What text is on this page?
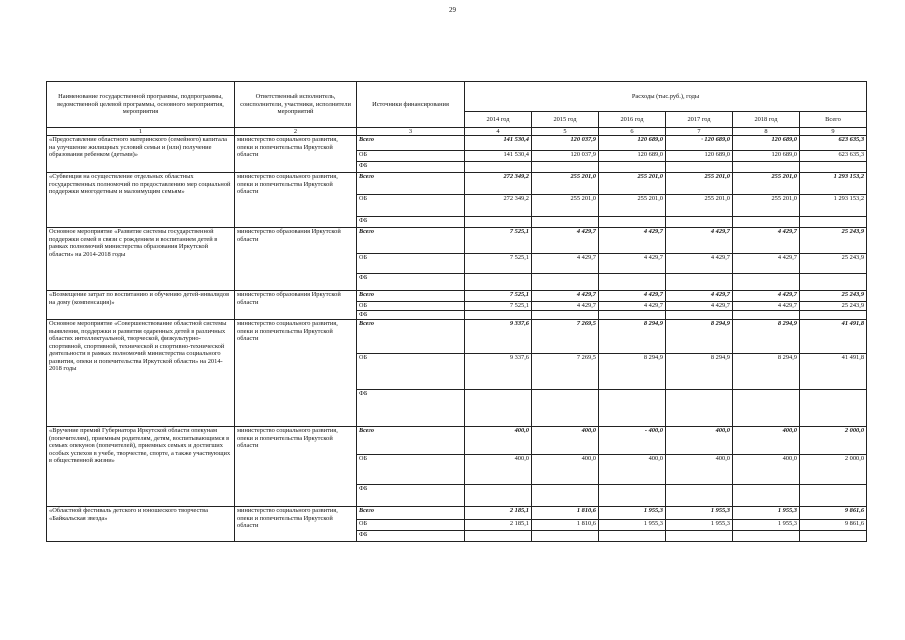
29
Наименование государственной программы, подпрограммы, ведомственной целевой программы, основного мероприятия, мероприятия	Ответственный исполнитель, соисполнители, участники, исполнители мероприятий	Источники финансирования	Расходы (тыс.руб.), годы					
			2014 год	2015 год	2016 год	2017 год	2018 год	Всего
1	2	3	4	5	6	7	8	9
«Предоставление областного материнского (семейного) капитала на улучшение жилищных условий семьи и (или) получение образования ребенком (детьми)»	министерство социального развития, опеки и попечительства Иркутской области	Всего	141 530,4	120 037,9	120 689,0	· 120 689,0	120 689,0	623 635,3
		ОБ	141 530,4	120 037,9	120 689,0	120 689,0	120 689,0	623 635,3
		ФБ						
«Субвенция на осуществление отдельных областных государственных полномочий по предоставлению мер социальной поддержки многодетным и малоимущим семьям»	министерство социального развития, опеки и попечительства Иркутской области	Всего	272 349,2	255 201,0	255 201,0	255 201,0	255 201,0	1 293 153,2
		ОБ	272 349,2	255 201,0	255 201,0	255 201,0	255 201,0	1 293 153,2
		ФБ						
Основное мероприятие «Развитие системы государственной поддержки семей в связи с рождением и воспитанием детей в рамках полномочий министерства образования Иркутской области» на 2014-2018 годы	министерство образования Иркутской области	Всего	7 525,1	4 429,7	4 429,7	4 429,7	4 429,7	25 243,9
		ОБ	7 525,1	4 429,7	4 429,7	4 429,7	4 429,7	25 243,9
		ФБ						
«Возмещение затрат по воспитанию и обучению детей-инвалидов на дому (компенсация)»	министерство образования Иркутской области	Всего	7 525,1	4 429,7	4 429,7	4 429,7	4 429,7	25 243,9
		ОБ	7 525,1	4 429,7	4 429,7	4 429,7	4 429,7	25 243,9
		ФБ						
Основное мероприятие «Совершенствование областной системы выявления, поддержки и развития одаренных детей в различных областях интеллектуальной, творческой, физкультурно-спортивной, спортивной, технической и спортивно-технической деятельности в рамках полномочий министерства социального развития, опеки и попечительства Иркутской области» на 2014-2018 годы	министерство социального развития, опеки и попечительства Иркутской области	Всего	9 337,6	7 269,5	8 294,9	8 294,9	8 294,9	41 491,8
		ОБ	9 337,6	7 269,5	8 294,9	8 294,9	8 294,9	41 491,8
		ФБ						
«Вручение премий Губернатора Иркутской области опекунам (попечителям), приемным родителям, детям, воспитывающимся в семьях опекунов (попечителей), приемных семьях и достигших особых успехов в учебе, творчестве, спорте, а также участвующих в общественной жизни»	министерство социального развития, опеки и попечительства Иркутской области	Всего	400,0	400,0	- 400,0	400,0	400,0	2 000,0
		ОБ	400,0	400,0	400,0	400,0	400,0	2 000,0
		ФБ						
«Областной фестиваль детского и юношеского творчества «Байкальская звезда»	министерство социального развития, опеки и попечительства Иркутской области	Всего	2 185,1	1 810,6	1 955,3	1 955,3	1 955,3	9 861,6
		ОБ	2 185,1	1 810,6	1 955,3	1 955,3	1 955,3	9 861,6
		ФБ						
